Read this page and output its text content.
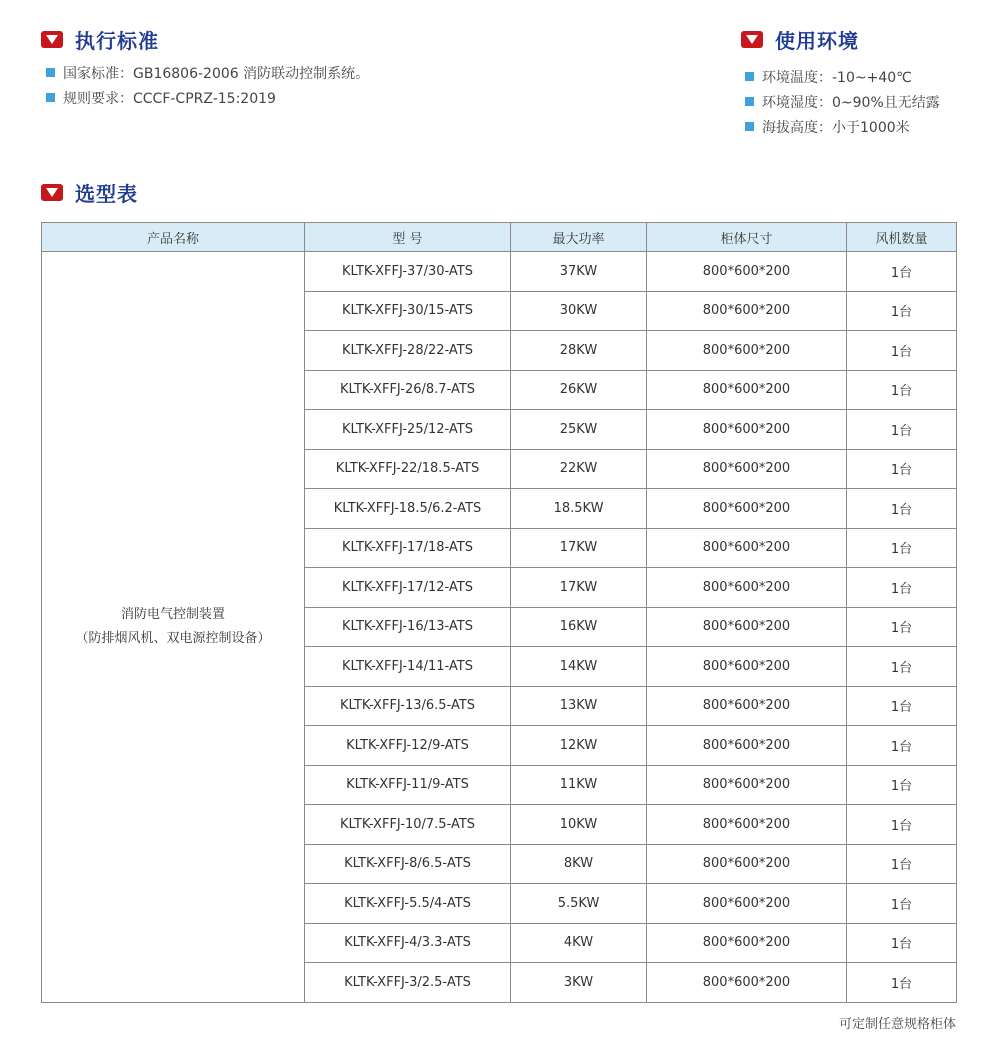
执行标准
国家标准：GB16806-2006 消防联动控制系统。
规则要求：CCCF-CPRZ-15:2019
使用环境
环境温度：-10~+40℃
环境湿度：0~90%且无结露
海拔高度：小于1000米
选型表
产品名称	型 号	最大功率	柜体尺寸	风机数量

消防电气控制装置
（防排烟风机、双电源控制设备）	KLTK-XFFJ-37/30-ATS	37KW	800*600*200	1台
	KLTK-XFFJ-30/15-ATS	30KW	800*600*200	1台
	KLTK-XFFJ-28/22-ATS	28KW	800*600*200	1台
	KLTK-XFFJ-26/8.7-ATS	26KW	800*600*200	1台
	KLTK-XFFJ-25/12-ATS	25KW	800*600*200	1台
	KLTK-XFFJ-22/18.5-ATS	22KW	800*600*200	1台
	KLTK-XFFJ-18.5/6.2-ATS	18.5KW	800*600*200	1台
	KLTK-XFFJ-17/18-ATS	17KW	800*600*200	1台
	KLTK-XFFJ-17/12-ATS	17KW	800*600*200	1台
	KLTK-XFFJ-16/13-ATS	16KW	800*600*200	1台
	KLTK-XFFJ-14/11-ATS	14KW	800*600*200	1台
	KLTK-XFFJ-13/6.5-ATS	13KW	800*600*200	1台
	KLTK-XFFJ-12/9-ATS	12KW	800*600*200	1台
	KLTK-XFFJ-11/9-ATS	11KW	800*600*200	1台
	KLTK-XFFJ-10/7.5-ATS	10KW	800*600*200	1台
	KLTK-XFFJ-8/6.5-ATS	8KW	800*600*200	1台
	KLTK-XFFJ-5.5/4-ATS	5.5KW	800*600*200	1台
	KLTK-XFFJ-4/3.3-ATS	4KW	800*600*200	1台
	KLTK-XFFJ-3/2.5-ATS	3KW	800*600*200	1台
可定制任意规格柜体
